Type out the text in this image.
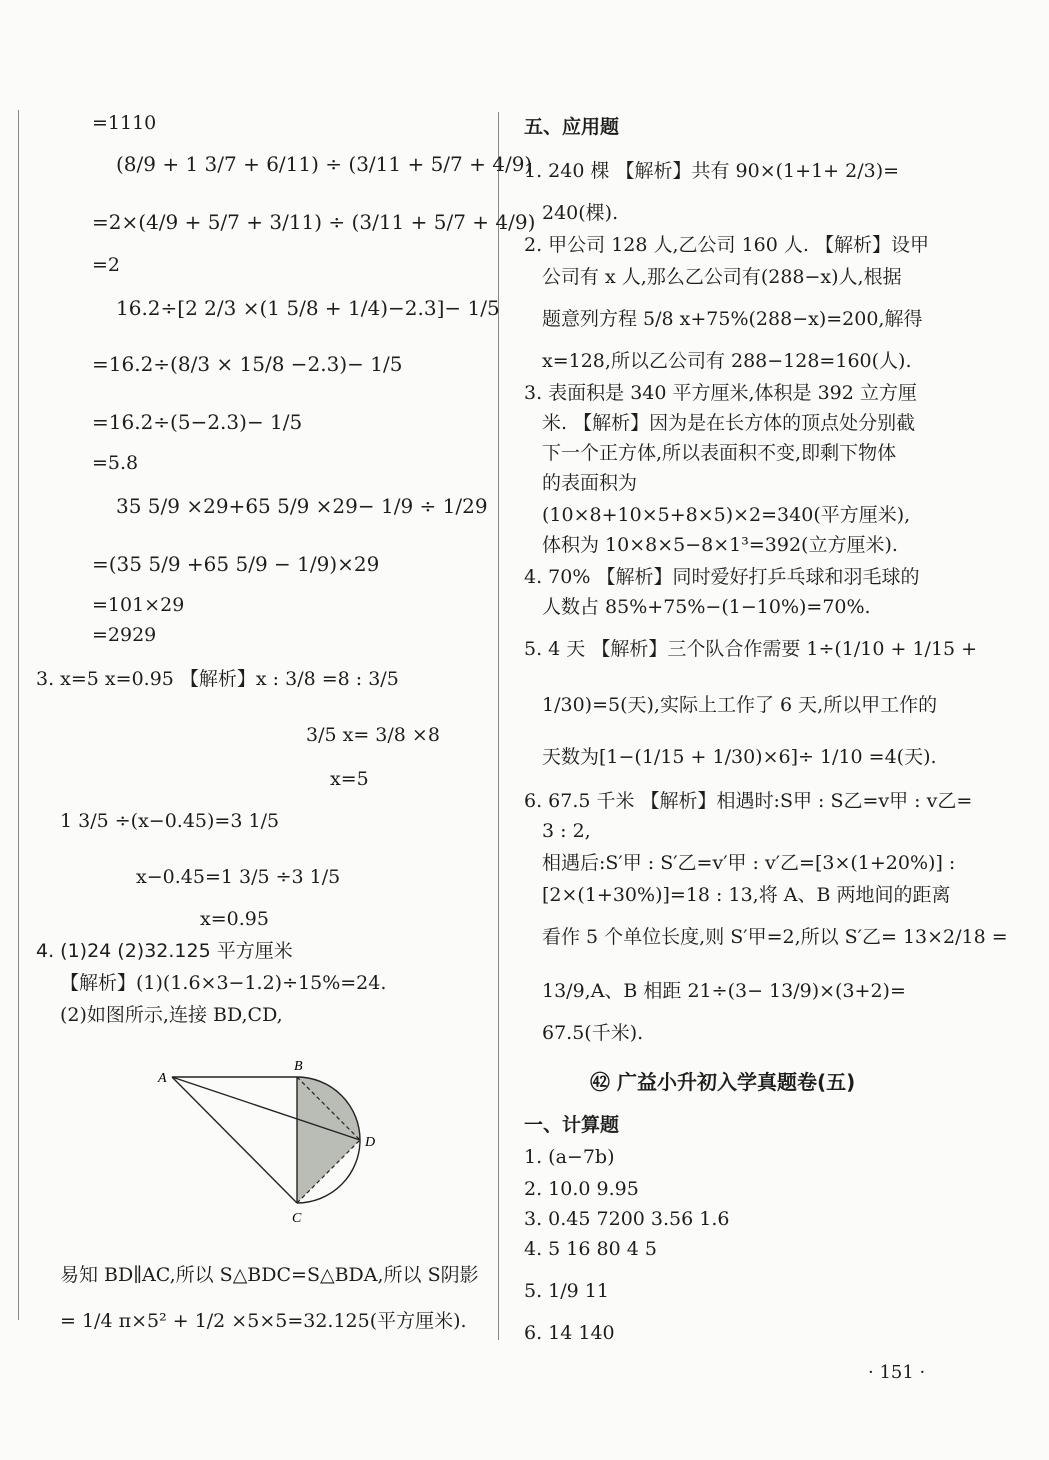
=1110
(8/9 + 1 3/7 + 6/11) ÷ (3/11 + 5/7 + 4/9)
=2×(4/9 + 5/7 + 3/11) ÷ (3/11 + 5/7 + 4/9)
=2
16.2÷[2 2/3 ×(1 5/8 + 1/4)−2.3]− 1/5
=16.2÷(8/3 × 15/8 −2.3)− 1/5
=16.2÷(5−2.3)− 1/5
=5.8
35 5/9 ×29+65 5/9 ×29− 1/9 ÷ 1/29
=(35 5/9 +65 5/9 − 1/9)×29
=101×29
=2929
3. x=5 x=0.95 【解析】x : 3/8 =8 : 3/5
3/5 x= 3/8 ×8
x=5
1 3/5 ÷(x−0.45)=3 1/5
x−0.45=1 3/5 ÷3 1/5
x=0.95
4. (1)24 (2)32.125 平方厘米
【解析】(1)(1.6×3−1.2)÷15%=24.
(2)如图所示,连接 BD,CD,
A
B
C
D
易知 BD∥AC,所以 S△BDC=S△BDA,所以 S阴影
= 1/4 π×5² + 1/2 ×5×5=32.125(平方厘米).
五、应用题
1. 240 棵 【解析】共有 90×(1+1+ 2/3)=
240(棵).
2. 甲公司 128 人,乙公司 160 人. 【解析】设甲
公司有 x 人,那么乙公司有(288−x)人,根据
题意列方程 5/8 x+75%(288−x)=200,解得
x=128,所以乙公司有 288−128=160(人).
3. 表面积是 340 平方厘米,体积是 392 立方厘
米. 【解析】因为是在长方体的顶点处分别截
下一个正方体,所以表面积不变,即剩下物体
的表面积为
(10×8+10×5+8×5)×2=340(平方厘米),
体积为 10×8×5−8×1³=392(立方厘米).
4. 70% 【解析】同时爱好打乒乓球和羽毛球的
人数占 85%+75%−(1−10%)=70%.
5. 4 天 【解析】三个队合作需要 1÷(1/10 + 1/15 +
1/30)=5(天),实际上工作了 6 天,所以甲工作的
天数为[1−(1/15 + 1/30)×6]÷ 1/10 =4(天).
6. 67.5 千米 【解析】相遇时:S甲 : S乙=v甲 : v乙=
3 : 2,
相遇后:S′甲 : S′乙=v′甲 : v′乙=[3×(1+20%)] :
[2×(1+30%)]=18 : 13,将 A、B 两地间的距离
看作 5 个单位长度,则 S′甲=2,所以 S′乙= 13×2/18 =
13/9,A、B 相距 21÷(3− 13/9)×(3+2)=
67.5(千米).
㊷ 广益小升初入学真题卷(五)
一、计算题
1. (a−7b)
2. 10.0 9.95
3. 0.45 7200 3.56 1.6
4. 5 16 80 4 5
5. 1/9 11
6. 14 140
· 151 ·
